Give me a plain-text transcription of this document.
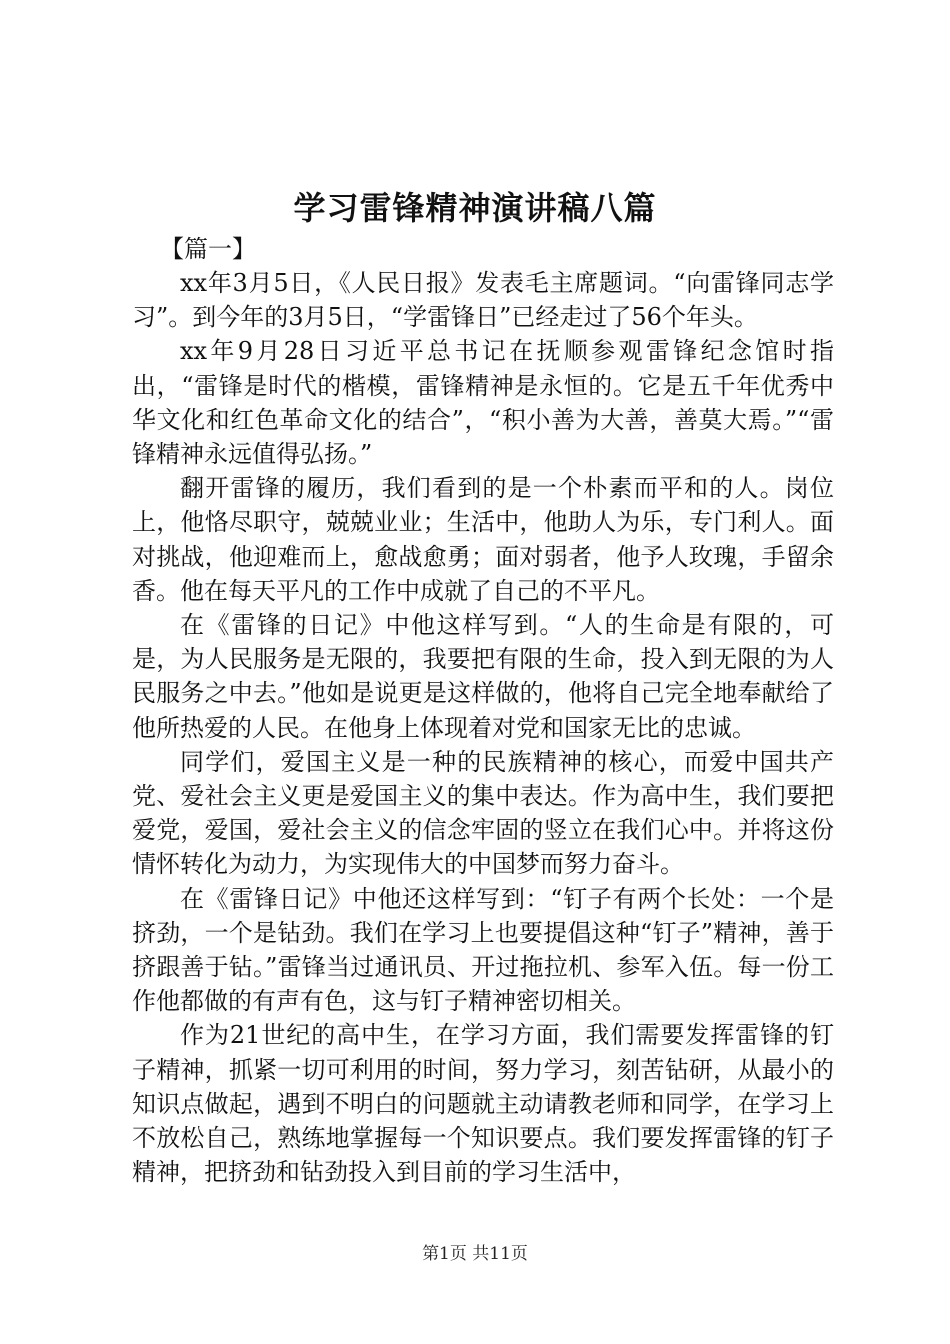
学习雷锋精神演讲稿八篇
【篇一】

xx年3月5日，《人民日报》发表毛主席题词。“向雷锋同志学习”。到今年的3月5日，“学雷锋日”已经走过了56个年头。

xx年9月28日习近平总书记在抚顺参观雷锋纪念馆时指出，“雷锋是时代的楷模，雷锋精神是永恒的。它是五千年优秀中华文化和红色革命文化的结合”，“积小善为大善，善莫大焉。”“雷锋精神永远值得弘扬。”

翻开雷锋的履历，我们看到的是一个朴素而平和的人。岗位上，他恪尽职守，兢兢业业；生活中，他助人为乐，专门利人。面对挑战，他迎难而上，愈战愈勇；面对弱者，他予人玫瑰，手留余香。他在每天平凡的工作中成就了自己的不平凡。

在《雷锋的日记》中他这样写到。“人的生命是有限的，可是，为人民服务是无限的，我要把有限的生命，投入到无限的为人民服务之中去。”他如是说更是这样做的，他将自己完全地奉献给了他所热爱的人民。在他身上体现着对党和国家无比的忠诚。

同学们，爱国主义是一种的民族精神的核心，而爱中国共产党、爱社会主义更是爱国主义的集中表达。作为高中生，我们要把爱党，爱国，爱社会主义的信念牢固的竖立在我们心中。并将这份情怀转化为动力，为实现伟大的中国梦而努力奋斗。

在《雷锋日记》中他还这样写到：“钉子有两个长处：一个是挤劲，一个是钻劲。我们在学习上也要提倡这种“钉子”精神，善于挤跟善于钻。”雷锋当过通讯员、开过拖拉机、参军入伍。每一份工作他都做的有声有色，这与钉子精神密切相关。

作为21世纪的高中生，在学习方面，我们需要发挥雷锋的钉子精神，抓紧一切可利用的时间，努力学习，刻苦钻研，从最小的知识点做起，遇到不明白的问题就主动请教老师和同学，在学习上不放松自己，熟练地掌握每一个知识要点。我们要发挥雷锋的钉子精神，把挤劲和钻劲投入到目前的学习生活中，

第1页 共11页
